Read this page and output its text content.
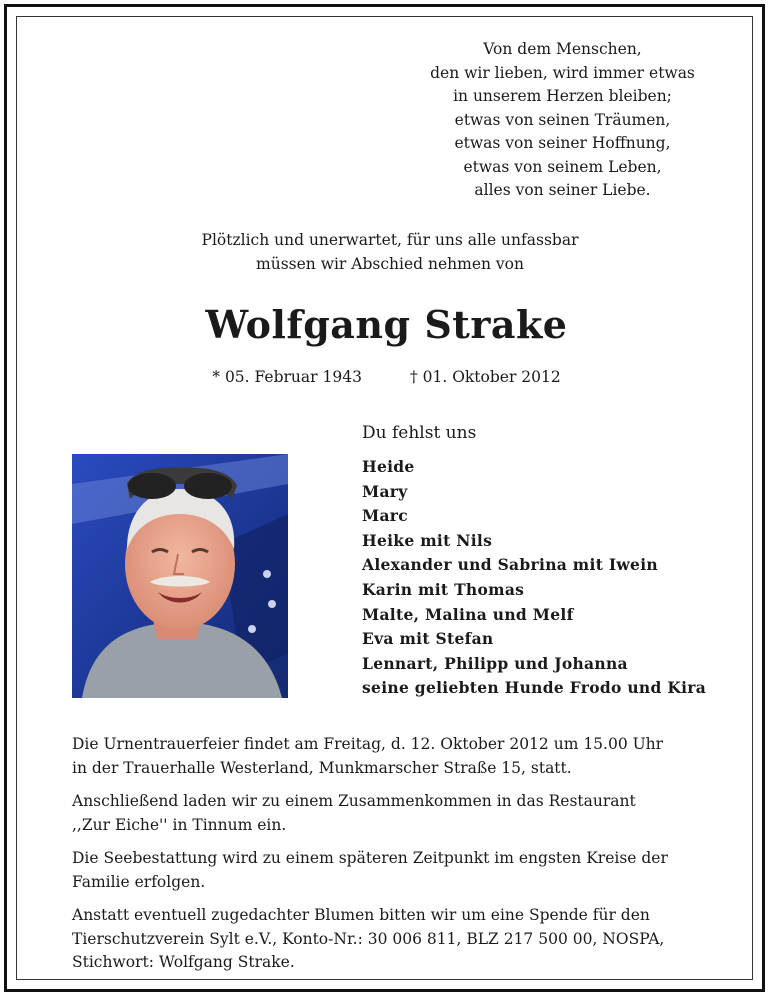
Von dem Menschen,
den wir lieben, wird immer etwas
in unserem Herzen bleiben;
etwas von seinen Träumen,
etwas von seiner Hoffnung,
etwas von seinem Leben,
alles von seiner Liebe.
Plötzlich und unerwartet, für uns alle unfassbar
müssen wir Abschied nehmen von
Wolfgang Strake
* 05. Februar 1943	† 01. Oktober 2012
Du fehlst uns
Heide
Mary
Marc
Heike mit Nils
Alexander und Sabrina mit Iwein
Karin mit Thomas
Malte, Malina und Melf
Eva mit Stefan
Lennart, Philipp und Johanna
seine geliebten Hunde Frodo und Kira

Die Urnentrauerfeier findet am Freitag, d. 12. Oktober 2012 um 15.00 Uhr
in der Trauerhalle Westerland, Munkmarscher Straße 15, statt.

Anschließend laden wir zu einem Zusammenkommen in das Restaurant
,,Zur Eiche'' in Tinnum ein.

Die Seebestattung wird zu einem späteren Zeitpunkt im engsten Kreise der
Familie erfolgen.

Anstatt eventuell zugedachter Blumen bitten wir um eine Spende für den
Tierschutzverein Sylt e.V., Konto-Nr.: 30 006 811, BLZ 217 500 00, NOSPA,
Stichwort: Wolfgang Strake.
